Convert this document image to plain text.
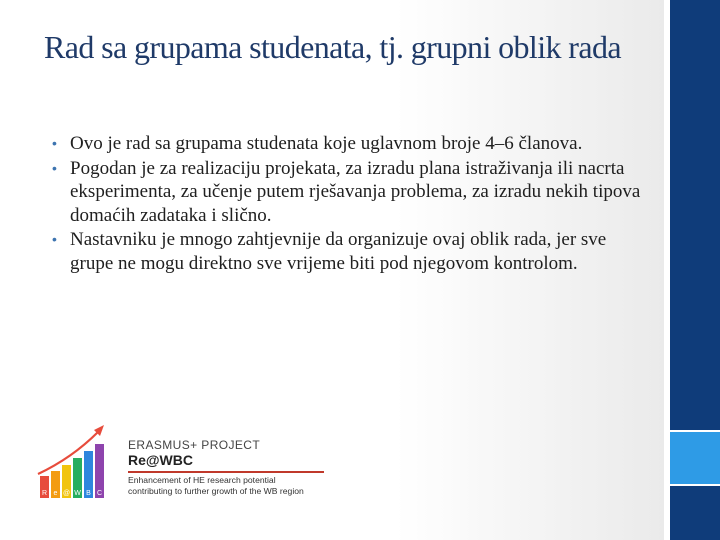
Rad sa grupama studenata, tj. grupni oblik rada
• Ovo je rad sa grupama studenata koje uglavnom broje 4–6 članova.
• Pogodan je za realizaciju projekata, za izradu plana istraživanja ili nacrta eksperimenta, za učenje putem rješavanja problema, za izradu nekih tipova domaćih zadataka i slično.
• Nastavniku je mnogo zahtjevnije da organizuje ovaj oblik rada, jer sve grupe ne mogu direktno sve vrijeme biti pod njegovom kontrolom.
R e @ W B C
ERASMUS+ PROJECT
Re@WBC
Enhancement of HE research potential
contributing to further growth of the WB region
